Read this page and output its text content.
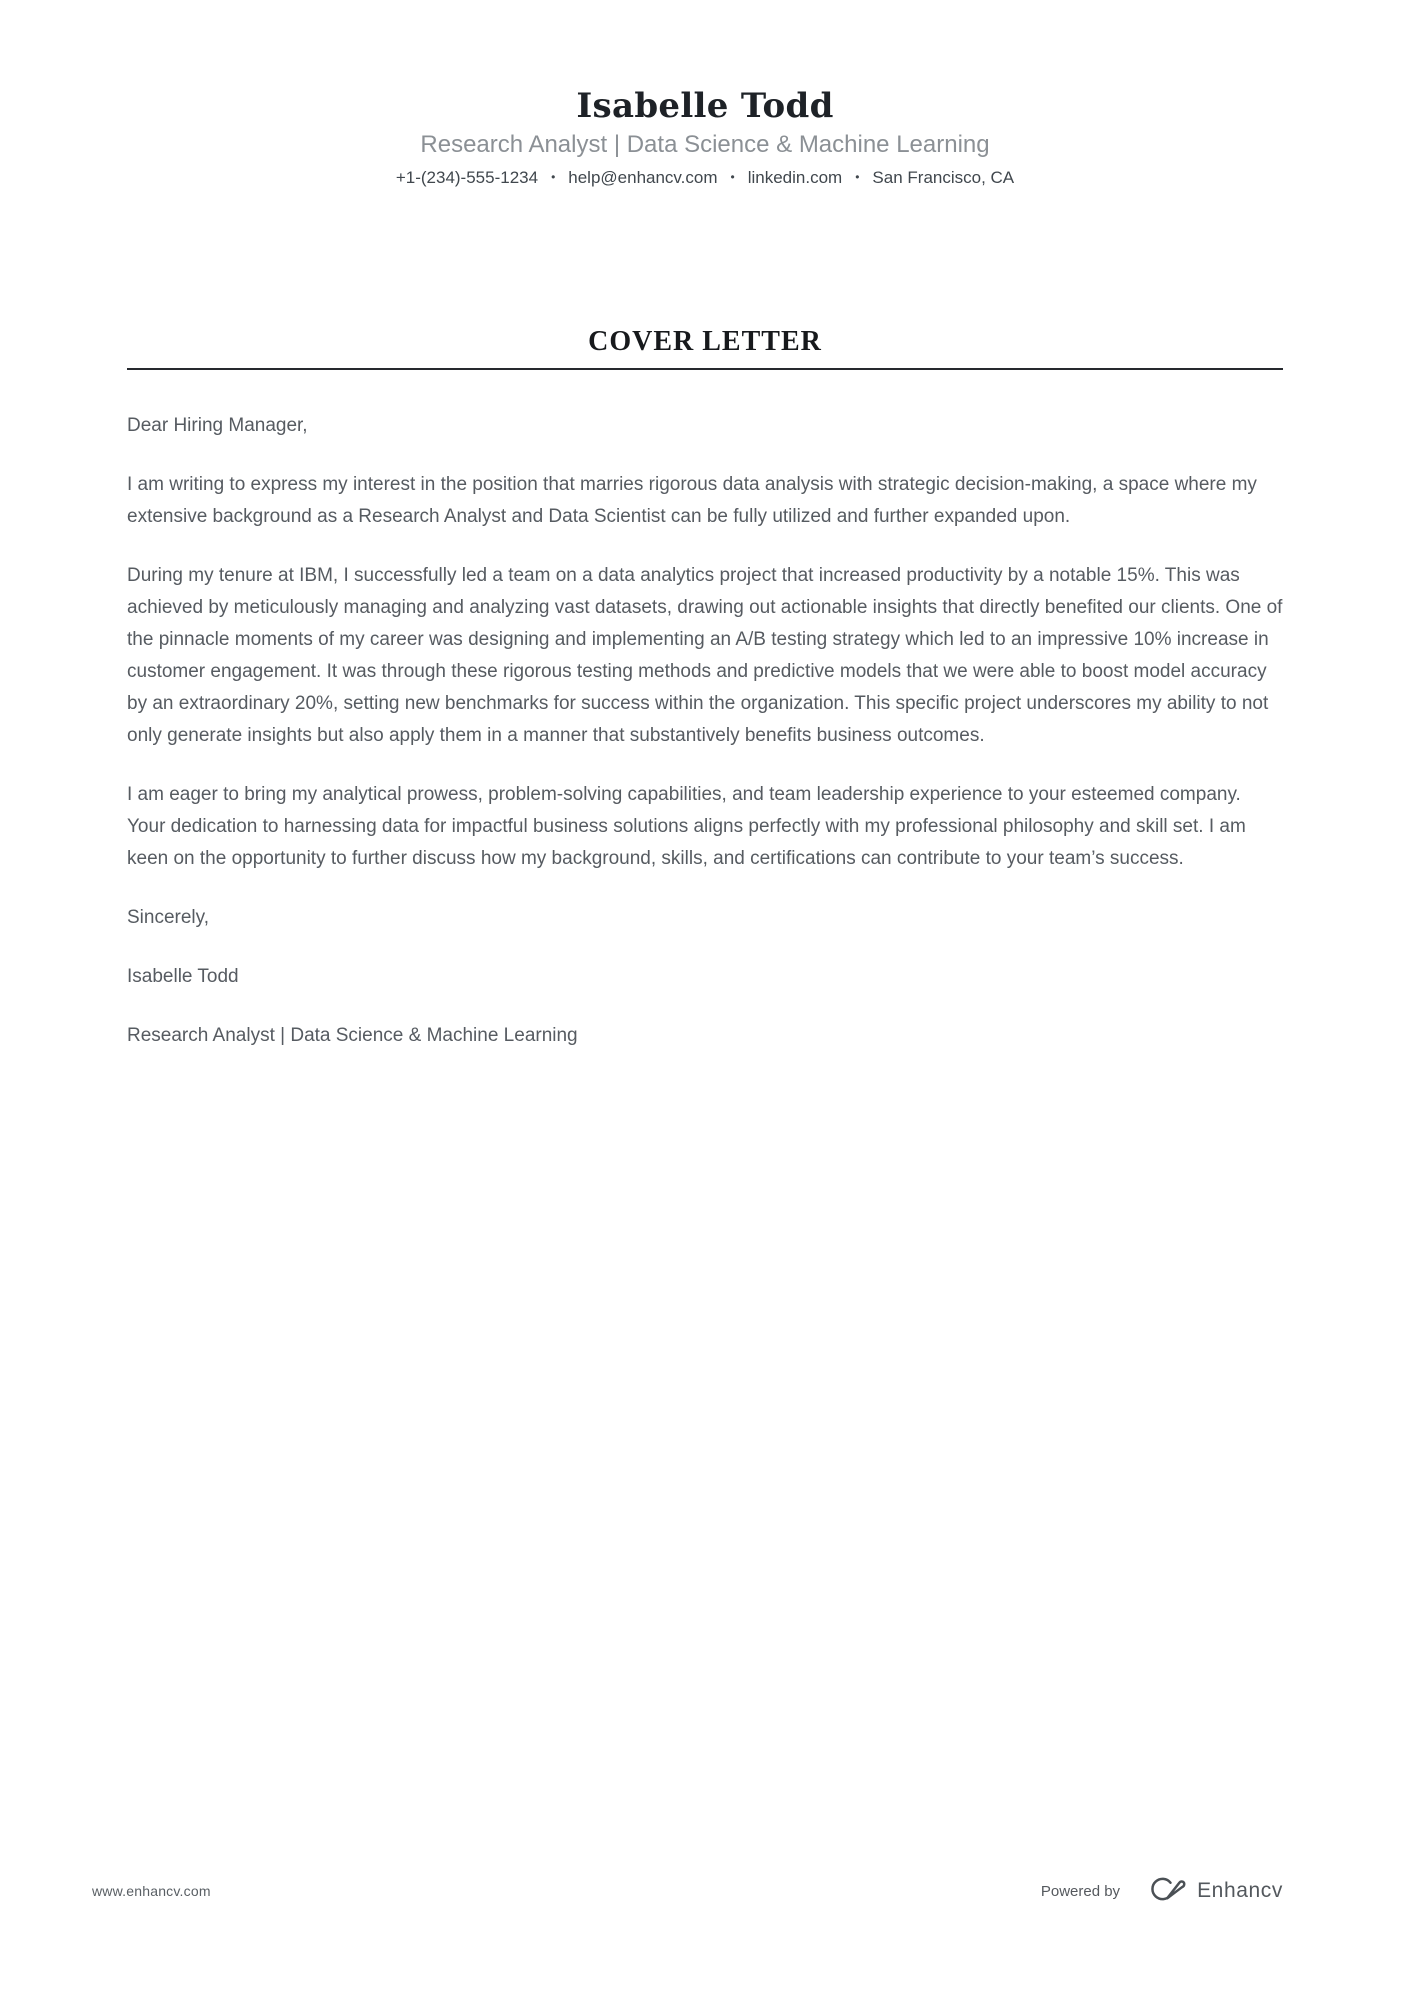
Isabelle Todd
Research Analyst | Data Science & Machine Learning
+1-(234)-555-1234 • help@enhancv.com • linkedin.com • San Francisco, CA
COVER LETTER

Dear Hiring Manager,

I am writing to express my interest in the position that marries rigorous data analysis with strategic decision-making, a space where my extensive background as a Research Analyst and Data Scientist can be fully utilized and further expanded upon.

During my tenure at IBM, I successfully led a team on a data analytics project that increased productivity by a notable 15%. This was achieved by meticulously managing and analyzing vast datasets, drawing out actionable insights that directly benefited our clients. One of the pinnacle moments of my career was designing and implementing an A/B testing strategy which led to an impressive 10% increase in customer engagement. It was through these rigorous testing methods and predictive models that we were able to boost model accuracy by an extraordinary 20%, setting new benchmarks for success within the organization. This specific project underscores my ability to not only generate insights but also apply them in a manner that substantively benefits business outcomes.

I am eager to bring my analytical prowess, problem-solving capabilities, and team leadership experience to your esteemed company. Your dedication to harnessing data for impactful business solutions aligns perfectly with my professional philosophy and skill set. I am keen on the opportunity to further discuss how my background, skills, and certifications can contribute to your team’s success.

Sincerely,

Isabelle Todd

Research Analyst | Data Science & Machine Learning

www.enhancv.com	Powered by	Enhancv
